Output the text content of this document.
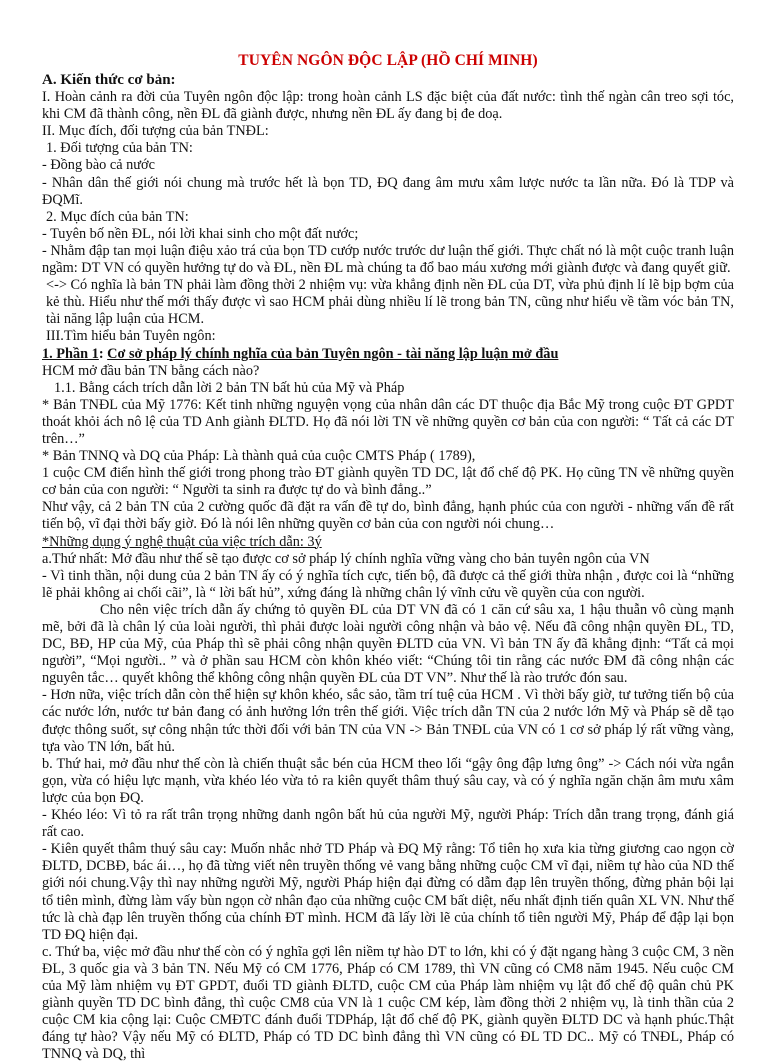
TUYÊN NGÔN ĐỘC LẬP (HỒ CHÍ MINH)

A. Kiến thức cơ bản:

I. Hoàn cảnh ra đời của Tuyên ngôn độc lập: trong hoàn cảnh LS đặc biệt của đất nước: tình thế ngàn cân treo sợi tóc, khi CM đã thành công, nền ĐL đã giành được, nhưng nền ĐL ấy đang bị đe doạ.

II. Mục đích, đối tượng của bản TNĐL:

1. Đối tượng của bản TN:

- Đồng bào cả nước

- Nhân dân thế giới nói chung mà trước hết là bọn TD, ĐQ đang âm mưu xâm lược nước ta lần nữa. Đó là TDP và ĐQMĩ.

2. Mục đích của bản TN:

- Tuyên bố nền ĐL, nói lời khai sinh cho một đất nước;

- Nhằm đập tan mọi luận điệu xảo trá của bọn TD cướp nước trước dư luận thế giới. Thực chất nó là một cuộc tranh luận ngầm: DT VN có quyền hưởng tự do và ĐL, nền ĐL mà chúng ta đổ bao máu xương mới giành được và đang quyết giữ.

<-> Có nghĩa là bản TN phải làm đồng thời 2 nhiệm vụ: vừa khẳng định nền ĐL của DT, vừa phủ định lí lẽ bịp bợm của kẻ thù. Hiểu như thế mới thấy được vì sao HCM phải dùng nhiều lí lẽ trong bản TN, cũng như hiểu về tầm vóc bản TN, tài năng lập luận của HCM.

III.Tìm hiểu bản Tuyên ngôn:

1. Phần 1: Cơ sở pháp lý chính nghĩa của bản Tuyên ngôn - tài năng lập luận mở đầu

HCM mở đầu bản TN bằng cách nào?

1.1. Bằng cách trích dẫn lời 2 bản TN bất hủ của Mỹ và Pháp

* Bản TNĐL của Mỹ 1776: Kết tinh những nguyện vọng của nhân dân các DT thuộc địa Bắc Mỹ trong cuộc ĐT GPDT thoát khỏi ách nô lệ của TD Anh giành ĐLTD. Họ đã nói lời TN về những quyền cơ bản của con người: “ Tất cả các DT trên…”

* Bản TNNQ và DQ của Pháp: Là thành quả của cuộc CMTS Pháp ( 1789),

1 cuộc CM điển hình thế giới trong phong trào ĐT giành quyền TD DC, lật đổ chế độ PK. Họ cũng TN về những quyền cơ bản của con người: “ Người ta sinh ra được tự do và bình đẳng..”

Như vậy, cả 2 bản TN của 2 cường quốc đã đặt ra vấn đề tự do, bình đẳng, hạnh phúc của con người - những vấn đề rất tiến bộ, vĩ đại thời bấy giờ. Đó là nói lên những quyền cơ bản của con người nói chung…

*Những dụng ý nghệ thuật của việc trích dẫn: 3ý

a.Thứ nhất: Mở đầu như thế sẽ tạo được cơ sở pháp lý chính nghĩa vững vàng cho bản tuyên ngôn của VN

- Vì tinh thần, nội dung của 2 bản TN ấy có ý nghĩa tích cực, tiến bộ, đã được cả thế giới thừa nhận , được coi là “những lẽ phải không ai chối cãi”, là “ lời bất hủ”, xứng đáng là những chân lý vĩnh cửu về quyền của con người.

Cho nên việc trích dẫn ấy chứng tỏ quyền ĐL của DT VN đã có 1 căn cứ sâu xa, 1 hậu thuẫn vô cùng mạnh mẽ, bởi đã là chân lý của loài người, thì phải được loài người công nhận và bảo vệ. Nếu đã công nhận quyền ĐL, TD, DC, BĐ, HP của Mỹ, của Pháp thì sẽ phải công nhận quyền ĐLTD của VN. Vì bản TN ấy đã khẳng định: “Tất cả mọi người”, “Mọi người.. ” và ở phần sau HCM còn khôn khéo viết: “Chúng tôi tin rằng các nước ĐM đã công nhận các nguyên tắc… quyết không thể không công nhận quyền ĐL của DT VN”. Như thế là rào trước đón sau.

- Hơn nữa, việc trích dẫn còn thể hiện sự khôn khéo, sắc sảo, tầm trí tuệ của HCM . Vì thời bấy giờ, tư tưởng tiến bộ của các nước lớn, nước tư bản đang có ảnh hưởng lớn trên thế giới. Việc trích dẫn TN của 2 nước lớn Mỹ và Pháp sẽ dễ tạo được thông suốt, sự công nhận tức thời đối với bản TN của VN -> Bản TNĐL của VN có 1 cơ sở pháp lý rất vững vàng, tựa vào TN lớn, bất hủ.

b. Thứ hai, mở đầu như thế còn là chiến thuật sắc bén của HCM theo lối “gậy ông đập lưng ông” -> Cách nói vừa ngắn gọn, vừa có hiệu lực mạnh, vừa khéo léo vừa tỏ ra kiên quyết thâm thuý sâu cay, và có ý nghĩa ngăn chặn âm mưu xâm lược của bọn ĐQ.

- Khéo léo: Vì tỏ ra rất trân trọng những danh ngôn bất hủ của người Mỹ, người Pháp: Trích dẫn trang trọng, đánh giá rất cao.

- Kiên quyết thâm thuý sâu cay: Muốn nhắc nhở TD Pháp và ĐQ Mỹ rằng: Tổ tiên họ xưa kia từng giương cao ngọn cờ ĐLTD, DCBĐ, bác ái…, họ đã từng viết nên truyền thống vẻ vang bằng những cuộc CM vĩ đại, niềm tự hào của ND thế giới nói chung.Vậy thì nay những người Mỹ, người Pháp hiện đại đừng có dẫm đạp lên truyền thống, đừng phản bội lại tổ tiên mình, đừng làm vấy bùn ngọn cờ nhân đạo của những cuộc CM bất diệt, nếu nhất định tiến quân XL VN. Như thế tức là chà đạp lên truyền thống của chính ĐT mình. HCM đã lấy lời lẽ của chính tổ tiên người Mỹ, Pháp để đập lại bọn TD ĐQ hiện đại.

c. Thứ ba, việc mở đầu như thế còn có ý nghĩa gợi lên niềm tự hào DT to lớn, khi có ý đặt ngang hàng 3 cuộc CM, 3 nền ĐL, 3 quốc gia và 3 bản TN. Nếu Mỹ có CM 1776, Pháp có CM 1789, thì VN cũng có CM8 năm 1945. Nếu cuộc CM của Mỹ làm nhiệm vụ ĐT GPDT, đuổi TD giành ĐLTD, cuộc CM của Pháp làm nhiệm vụ lật đổ chế độ quân chủ PK giành quyền TD DC bình đẳng, thì cuộc CM8 của VN là 1 cuộc CM kép, làm đồng thời 2 nhiệm vụ, là tinh thần của 2 cuộc CM kia cộng lại: Cuộc CMĐTC đánh đuổi TDPháp, lật đổ chế độ PK, giành quyền ĐLTD DC và hạnh phúc.Thật đáng tự hào? Vậy nếu Mỹ có ĐLTD, Pháp có TD DC bình đẳng thì VN cũng có ĐL TD DC.. Mỹ có TNĐL, Pháp có TNNQ và DQ, thì
